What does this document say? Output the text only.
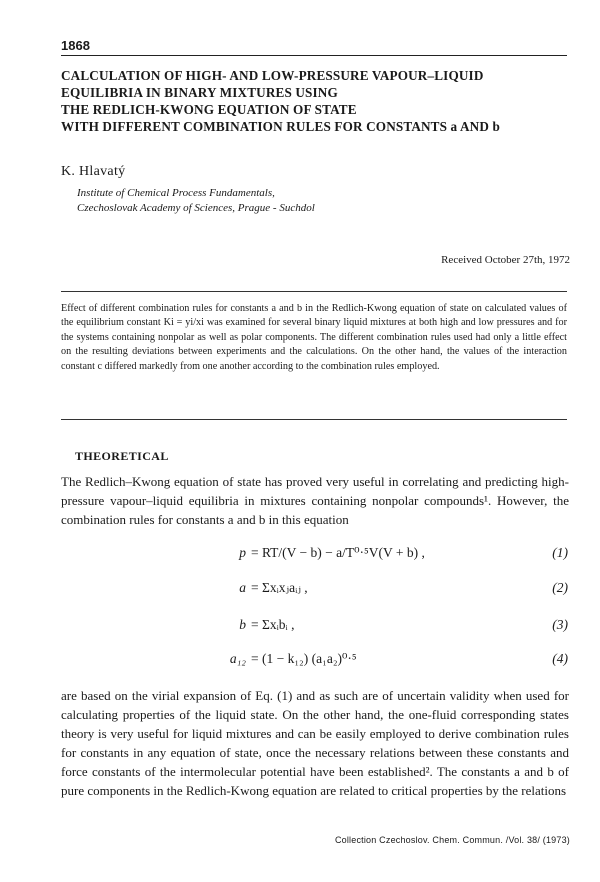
1868
CALCULATION OF HIGH- AND LOW-PRESSURE VAPOUR–LIQUID
EQUILIBRIA IN BINARY MIXTURES USING
THE REDLICH-KWONG EQUATION OF STATE
WITH DIFFERENT COMBINATION RULES FOR CONSTANTS a AND b
K. Hlavatý
Institute of Chemical Process Fundamentals,
Czechoslovak Academy of Sciences, Prague - Suchdol
Received October 27th, 1972

Effect of different combination rules for constants a and b in the Redlich-Kwong equation of state on calculated values of the equilibrium constant Ki = yi/xi was examined for several binary liquid mixtures at both high and low pressures and for the systems containing nonpolar as well as polar components. The different combination rules used had only a little effect on the resulting deviations between experiments and the calculations. On the other hand, the values of the interaction constant c differed markedly from one another according to the combination rules employed.

THEORETICAL

The Redlich–Kwong equation of state has proved very useful in correlating and predicting high-pressure vapour–liquid equilibria in mixtures containing nonpolar compounds¹. However, the combination rules for constants a and b in this equation

p = RT/(V − b) − a/T⁰·⁵V(V + b) ,	(1)
a = Σxᵢxⱼaᵢⱼ ,	(2)
b = Σxᵢbᵢ ,	(3)
a₁₂ = (1 − k₁₂) (a₁a₂)⁰·⁵	(4)

are based on the virial expansion of Eq. (1) and as such are of uncertain validity when used for calculating properties of the liquid state. On the other hand, the one-fluid corresponding states theory is very useful for liquid mixtures and can be easily employed to derive combination rules for constants in any equation of state, once the necessary relations between these constants and force constants of the intermolecular potential have been established². The constants a and b of pure components in the Redlich-Kwong equation are related to critical properties by the relations

Collection Czechoslov. Chem. Commun. /Vol. 38/ (1973)
